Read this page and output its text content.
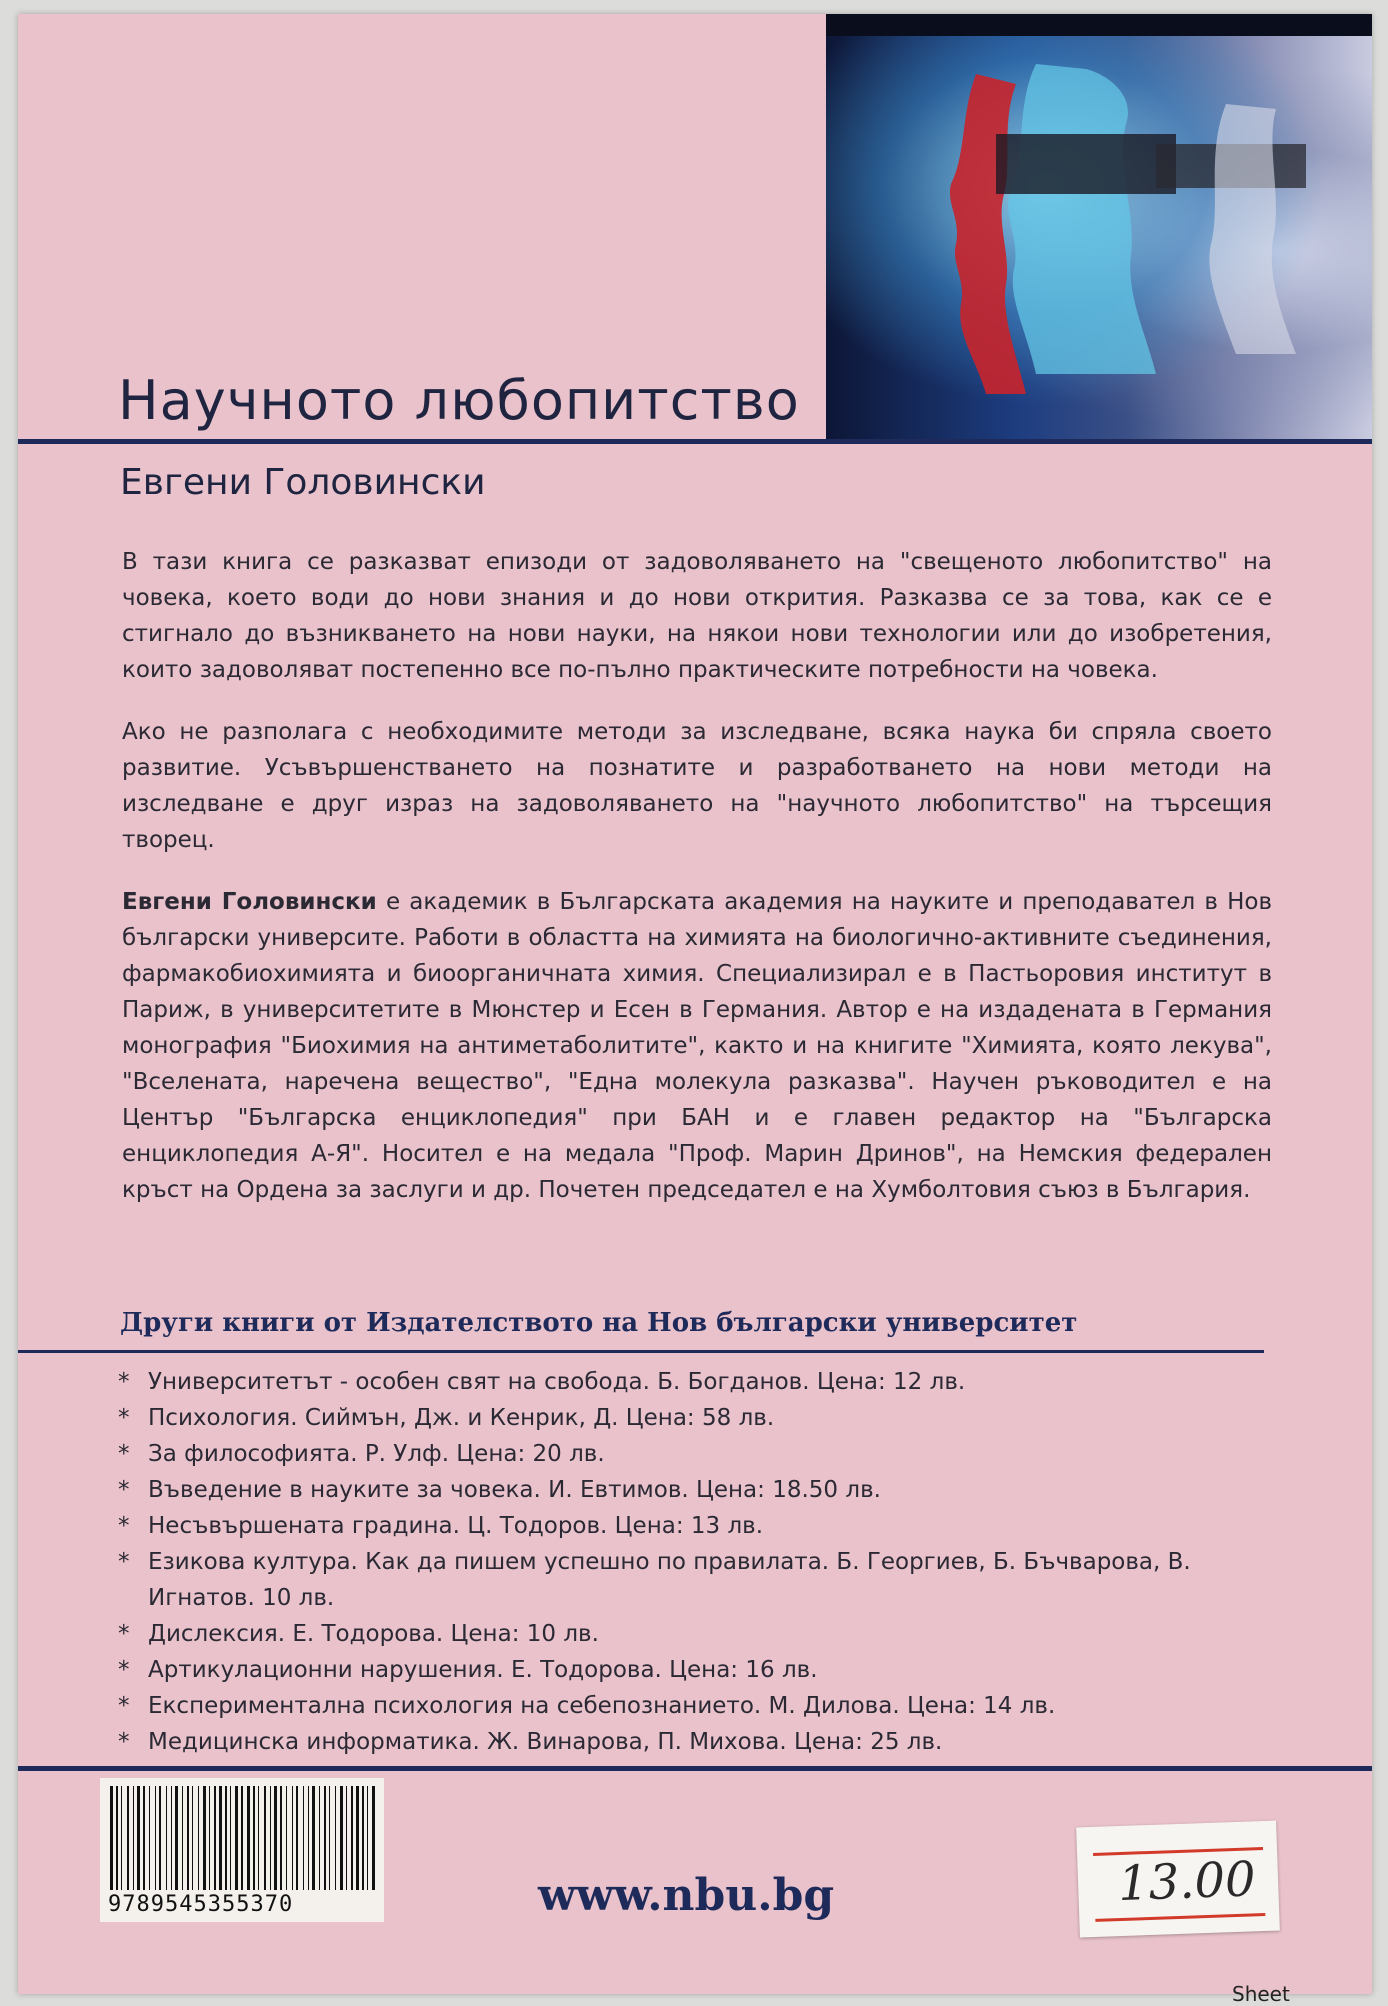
Научното любопитство
Евгени Головински

В тази книга се разказват епизоди от задоволяването на "свещеното любопитство" на човека, което води до нови знания и до нови открития. Разказва се за това, как се е стигнало до възникването на нови науки, на някои нови технологии или до изобретения, които задоволяват постепенно все по-пълно практическите потребности на човека.

Ако не разполага с необходимите методи за изследване, всяка наука би спряла своето развитие. Усъвършенстването на познатите и разработването на нови методи на изследване е друг израз на задоволяването на "научното любопитство" на търсещия творец.

Евгени Головински е академик в Българската академия на науките и преподавател в Нов български университе. Работи в областта на химията на биологично-активните съединения, фармакобиохимията и биоорганичната химия. Специализирал е в Пастьоровия институт в Париж, в университетите в Мюнстер и Есен в Германия. Автор е на издадената в Германия монография "Биохимия на антиметаболитите", както и на книгите "Химията, която лекува", "Вселената, наречена вещество", "Една молекула разказва". Научен ръководител е на Център "Българска енциклопедия" при БАН и е главен редактор на "Българска енциклопедия А-Я". Носител е на медала "Проф. Марин Дринов", на Немския федерален кръст на Ордена за заслуги и др. Почетен председател е на Хумболтовия съюз в България.

Други книги от Издателството на Нов български университет
* Университетът - особен свят на свобода. Б. Богданов. Цена: 12 лв.
* Психология. Сиймън, Дж. и Кенрик, Д. Цена: 58 лв.
* За философията. Р. Улф. Цена: 20 лв.
* Въведение в науките за човека. И. Евтимов. Цена: 18.50 лв.
* Несъвършената градина. Ц. Тодоров. Цена: 13 лв.
* Езикова култура. Как да пишем успешно по правилата. Б. Георгиев, Б. Бъчварова, В. Игнатов. 10 лв.
* Дислексия. Е. Тодорова. Цена: 10 лв.
* Артикулационни нарушения. Е. Тодорова. Цена: 16 лв.
* Експериментална психология на себепознанието. М. Дилова. Цена: 14 лв.
* Медицинска информатика. Ж. Винарова, П. Михова. Цена: 25 лв.
9789545355370	www.nbu.bg	13.00
Sheet
